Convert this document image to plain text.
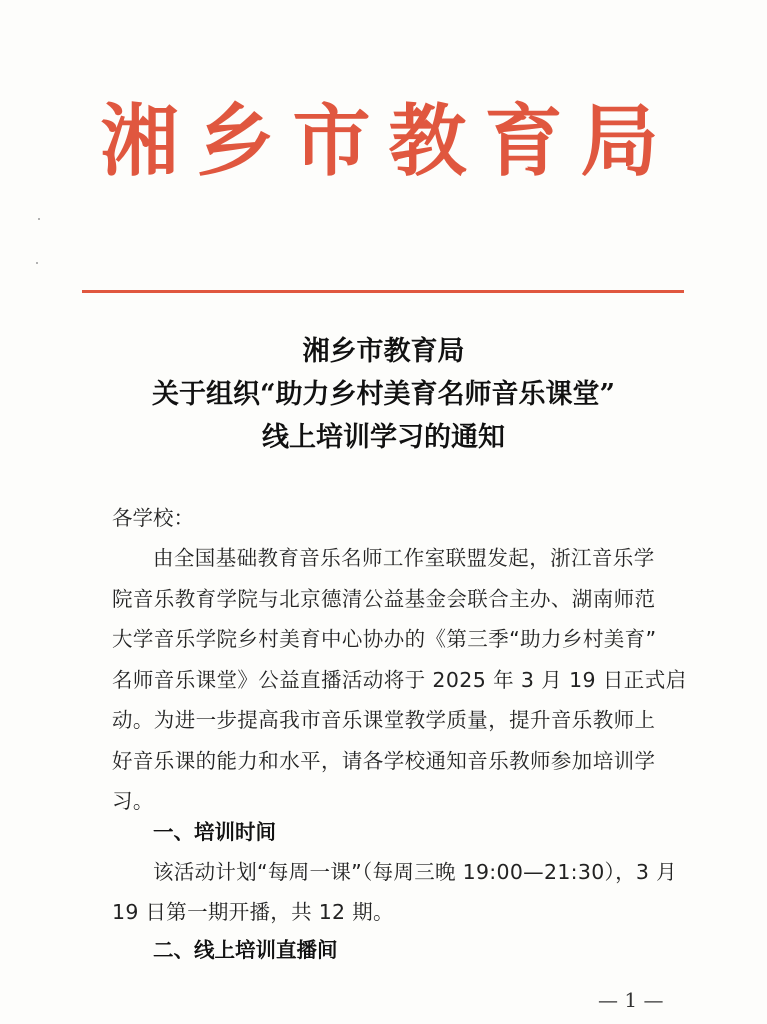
湘乡市教育局
湘乡市教育局
关于组织“助力乡村美育名师音乐课堂”
线上培训学习的通知
各学校：
由全国基础教育音乐名师工作室联盟发起，浙江音乐学
院音乐教育学院与北京德清公益基金会联合主办、湖南师范
大学音乐学院乡村美育中心协办的《第三季“助力乡村美育”
名师音乐课堂》公益直播活动将于 2025 年 3 月 19 日正式启
动。为进一步提高我市音乐课堂教学质量，提升音乐教师上
好音乐课的能力和水平，请各学校通知音乐教师参加培训学
习。
一、培训时间
该活动计划“每周一课”（每周三晚 19:00—21:30），3 月
19 日第一期开播，共 12 期。
二、线上培训直播间
— 1 —
